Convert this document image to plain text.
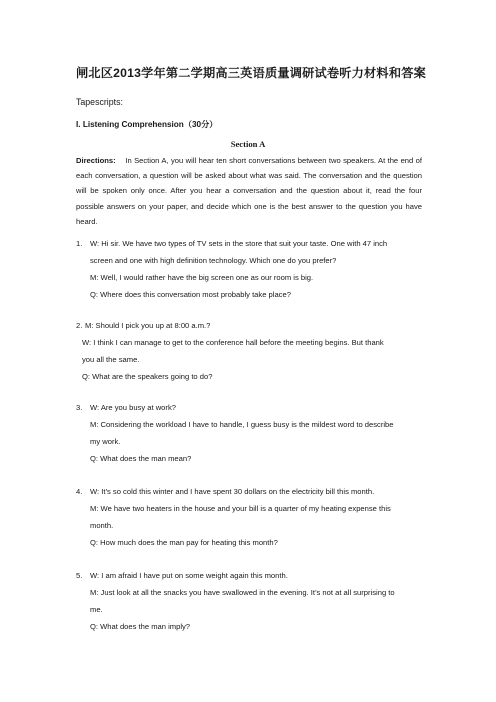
闸北区2013学年第二学期高三英语质量调研试卷听力材料和答案
Tapescripts:
I. Listening Comprehension（30分）
Section A
Directions: In Section A, you will hear ten short conversations between two speakers. At the end of each conversation, a question will be asked about what was said. The conversation and the question will be spoken only once. After you hear a conversation and the question about it, read the four possible answers on your paper, and decide which one is the best answer to the question you have heard.
1. W: Hi sir. We have two types of TV sets in the store that suit your taste. One with 47 inch
screen and one with high definition technology. Which one do you prefer?
M: Well, I would rather have the big screen one as our room is big.
Q: Where does this conversation most probably take place?
2. M: Should I pick you up at 8:00 a.m.?
W: I think I can manage to get to the conference hall before the meeting begins. But thank
you all the same.
Q: What are the speakers going to do?
3. W: Are you busy at work?
M: Considering the workload I have to handle, I guess busy is the mildest word to describe
my work.
Q: What does the man mean?
4. W: It’s so cold this winter and I have spent 30 dollars on the electricity bill this month.
M: We have two heaters in the house and your bill is a quarter of my heating expense this
month.
Q: How much does the man pay for heating this month?
5. W: I am afraid I have put on some weight again this month.
M: Just look at all the snacks you have swallowed in the evening. It’s not at all surprising to
me.
Q: What does the man imply?
